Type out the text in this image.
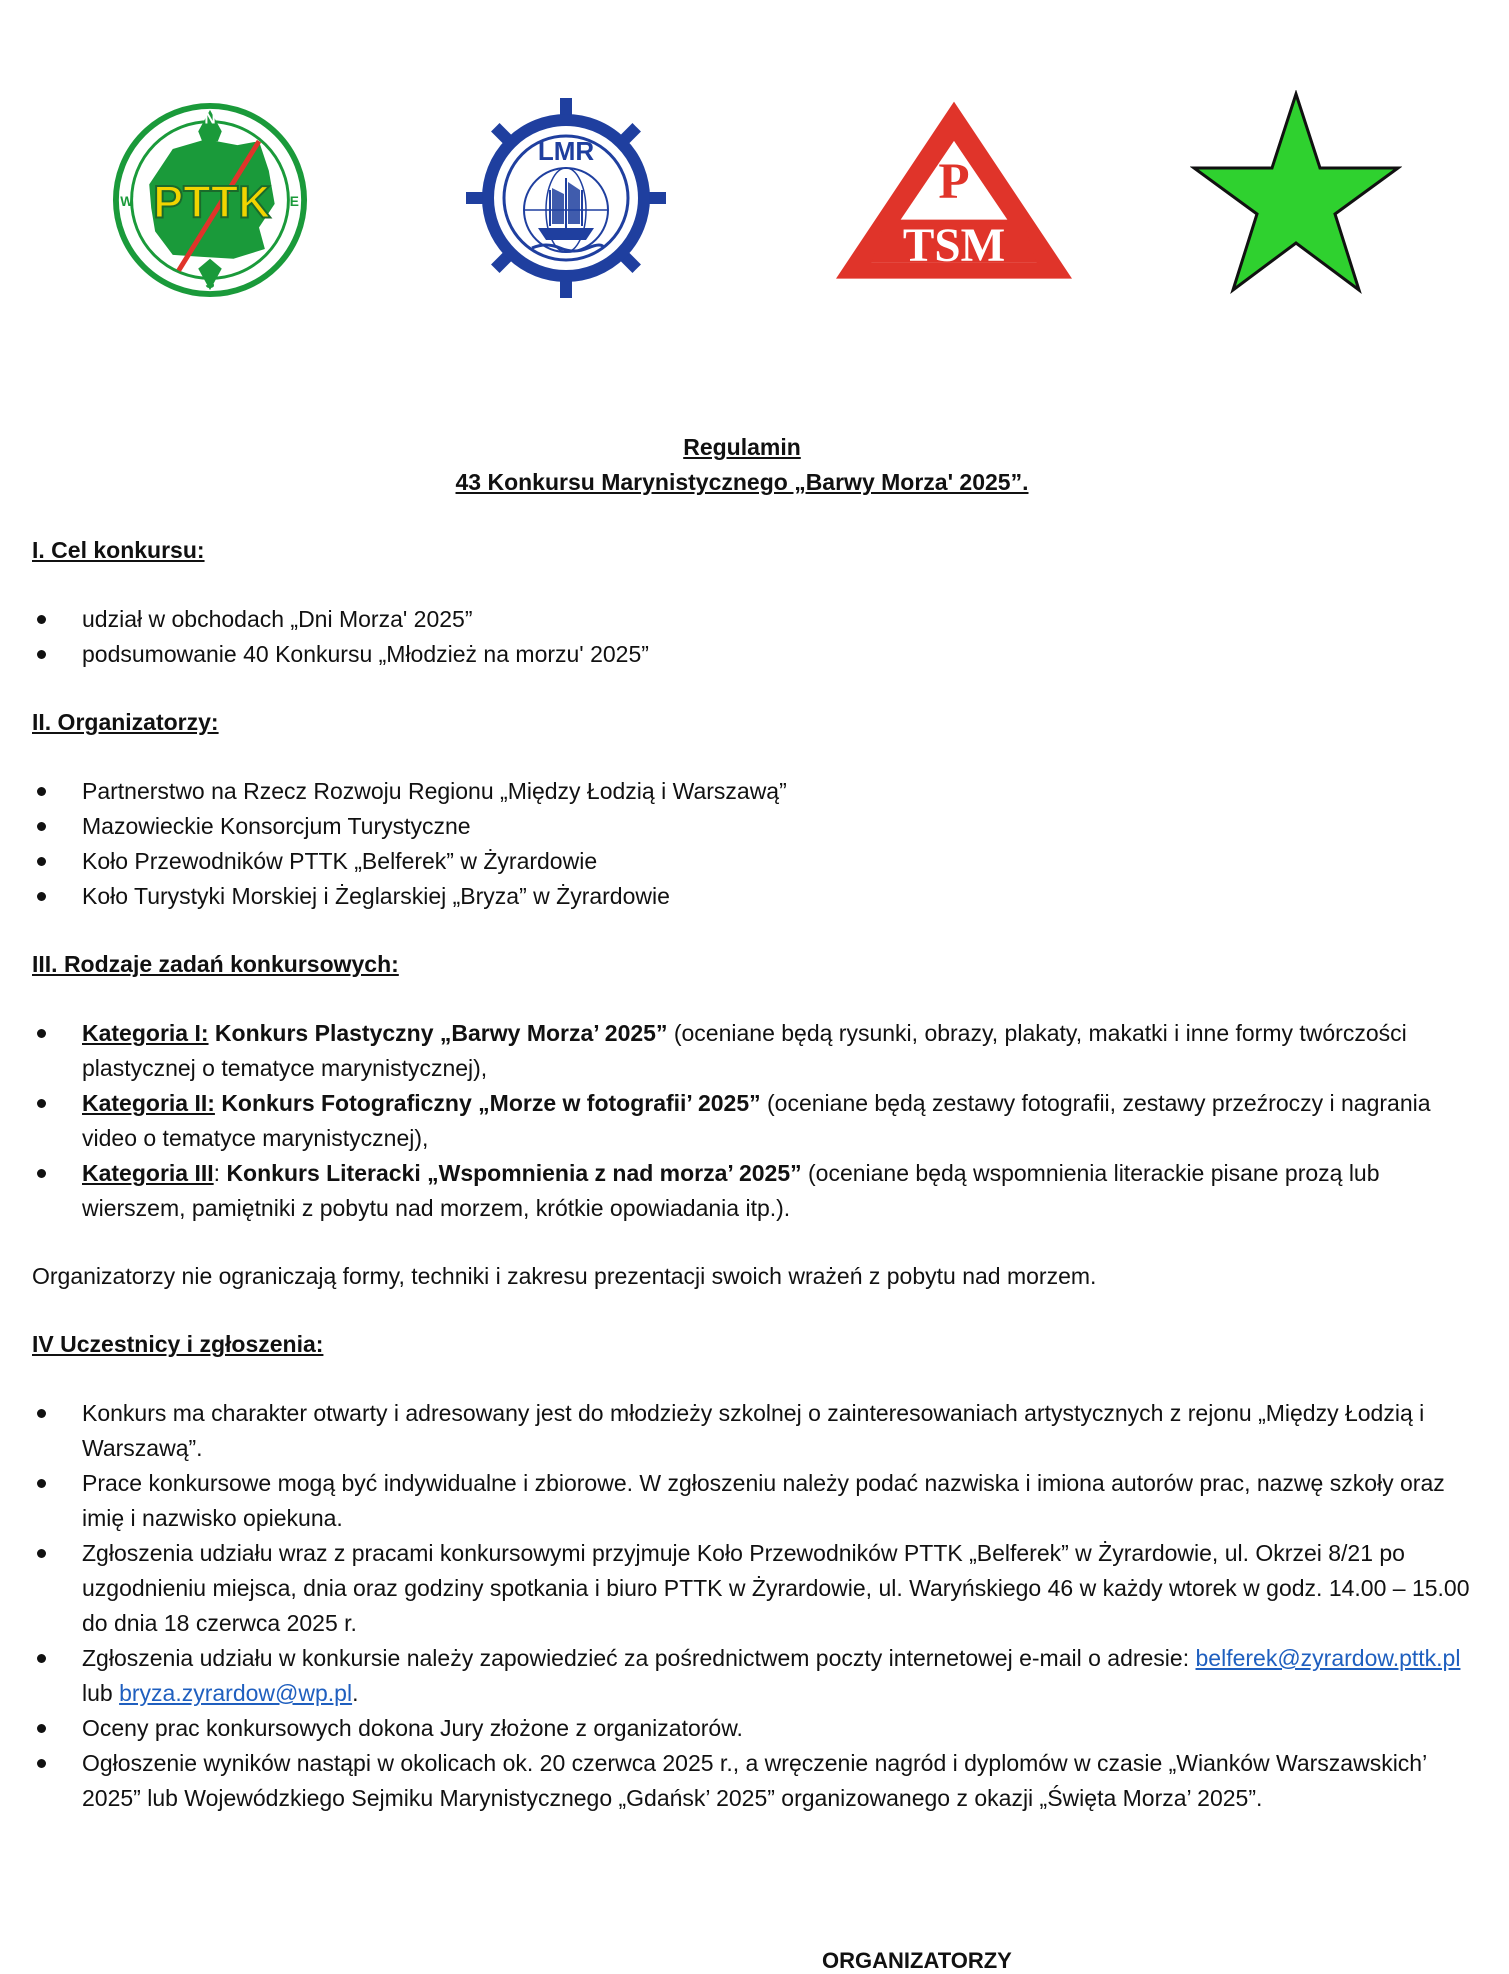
N
S
W	E
PTTK
LMR
P
TSM
Regulamin
43 Konkursu Marynistycznego „Barwy Morza' 2025”.
I. Cel konkursu:
udział w obchodach „Dni Morza' 2025”
podsumowanie 40 Konkursu „Młodzież na morzu' 2025”
II. Organizatorzy:
Partnerstwo na Rzecz Rozwoju Regionu „Między Łodzią i Warszawą”
Mazowieckie Konsorcjum Turystyczne
Koło Przewodników PTTK „Belferek” w Żyrardowie
Koło Turystyki Morskiej i Żeglarskiej „Bryza” w Żyrardowie
III. Rodzaje zadań konkursowych:
Kategoria I: Konkurs Plastyczny „Barwy Morza’ 2025” (oceniane będą rysunki, obrazy, plakaty, makatki i inne formy twórczości plastycznej o tematyce marynistycznej),
Kategoria II: Konkurs Fotograficzny „Morze w fotografii’ 2025” (oceniane będą zestawy fotografii, zestawy przeźroczy i nagrania video o tematyce marynistycznej),
Kategoria III: Konkurs Literacki „Wspomnienia z nad morza’ 2025” (oceniane będą wspomnienia literackie pisane prozą lub wierszem, pamiętniki z pobytu nad morzem, krótkie opowiadania itp.).
Organizatorzy nie ograniczają formy, techniki i zakresu prezentacji swoich wrażeń z pobytu nad morzem.
IV Uczestnicy i zgłoszenia:
Konkurs ma charakter otwarty i adresowany jest do młodzieży szkolnej o zainteresowaniach artystycznych z rejonu „Między Łodzią i Warszawą”.
Prace konkursowe mogą być indywidualne i zbiorowe. W zgłoszeniu należy podać nazwiska i imiona autorów prac, nazwę szkoły oraz imię i nazwisko opiekuna.
Zgłoszenia udziału wraz z pracami konkursowymi przyjmuje Koło Przewodników PTTK „Belferek” w Żyrardowie, ul. Okrzei 8/21 po uzgodnieniu miejsca, dnia oraz godziny spotkania i biuro PTTK w Żyrardowie, ul. Waryńskiego 46 w każdy wtorek w godz. 14.00 – 15.00 do dnia 18 czerwca 2025 r.
Zgłoszenia udziału w konkursie należy zapowiedzieć za pośrednictwem poczty internetowej e-mail o adresie: belferek@zyrardow.pttk.pl lub bryza.zyrardow@wp.pl.
Oceny prac konkursowych dokona Jury złożone z organizatorów.
Ogłoszenie wyników nastąpi w okolicach ok. 20 czerwca 2025 r., a wręczenie nagród i dyplomów w czasie „Wianków Warszawskich’ 2025” lub Wojewódzkiego Sejmiku Marynistycznego „Gdańsk’ 2025” organizowanego z okazji „Święta Morza’ 2025”.
ORGANIZATORZY
